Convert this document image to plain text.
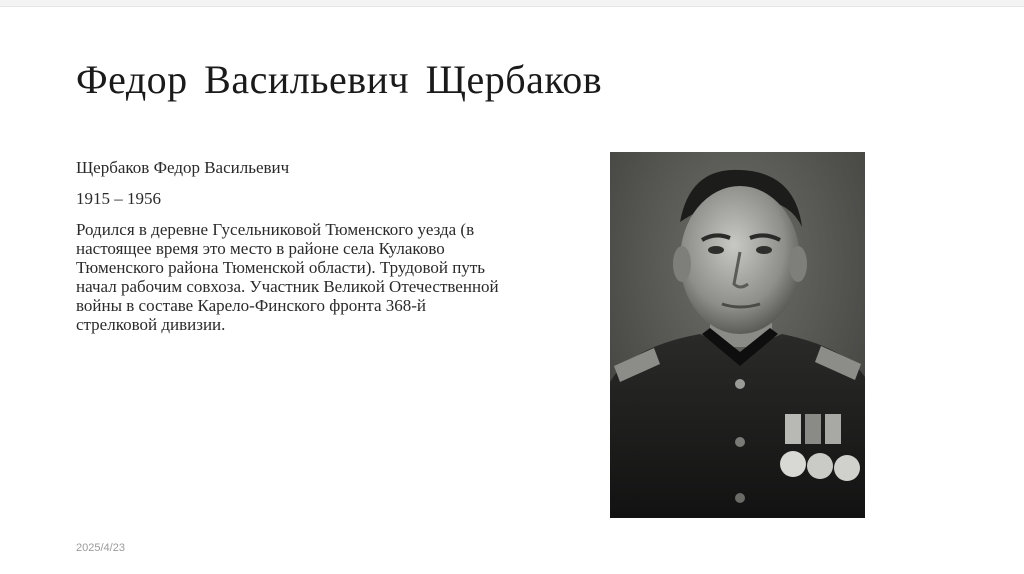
Федор Васильевич Щербаков

Щербаков Федор Васильевич

1915 – 1956

Родился в деревне Гусельниковой Тюменского уезда (в настоящее время это место в районе села Кулаково Тюменского района Тюменской области). Трудовой путь начал рабочим совхоза. Участник Великой Отечественной войны в составе Карело-Финского фронта 368-й стрелковой дивизии.

2025/4/23
